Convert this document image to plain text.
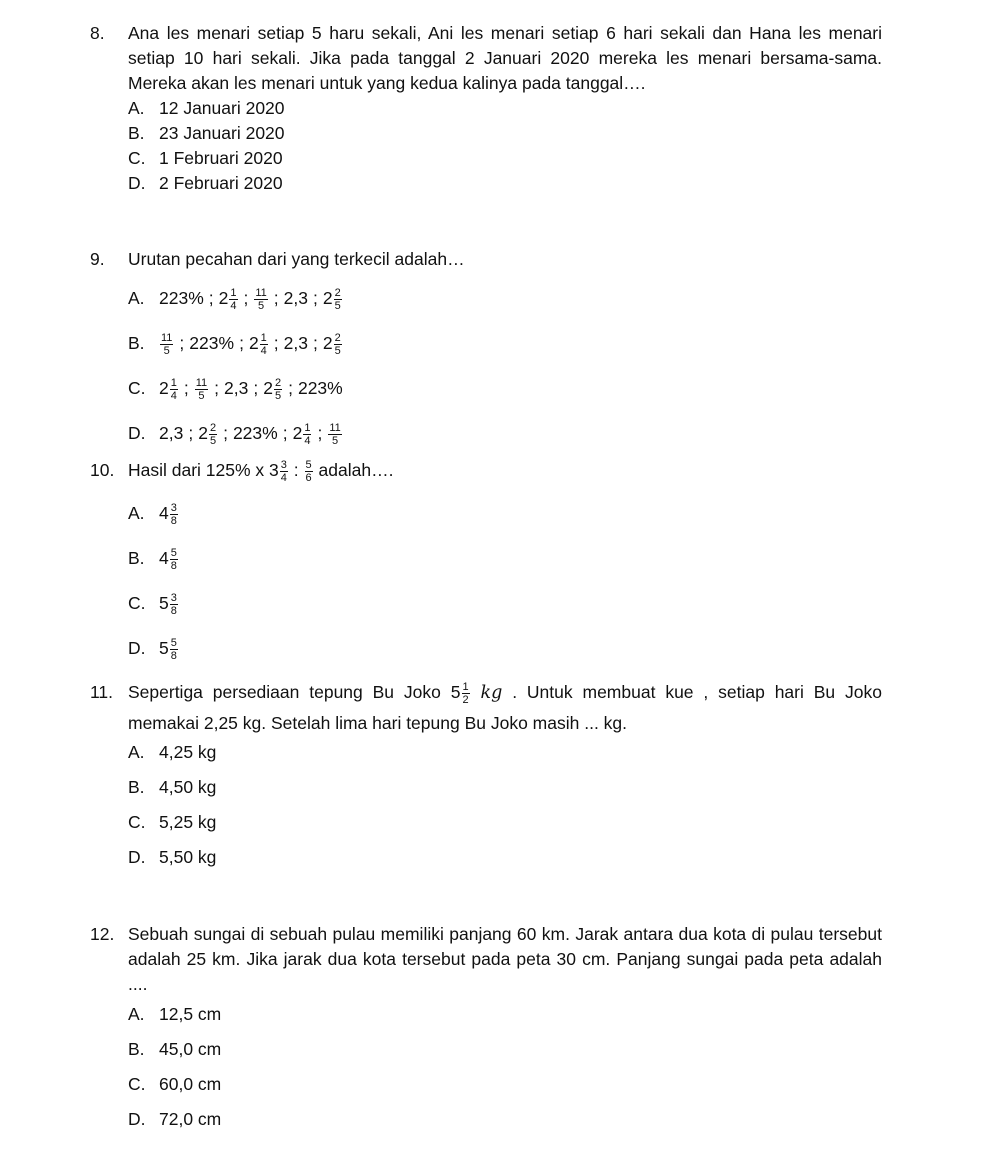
8. Ana les menari setiap 5 haru sekali, Ani les menari setiap 6 hari sekali dan Hana les menari setiap 10 hari sekali. Jika pada tanggal 2 Januari 2020 mereka les menari bersama-sama. Mereka akan les menari untuk yang kedua kalinya pada tanggal….
A. 12 Januari 2020
B. 23 Januari 2020
C. 1 Februari 2020
D. 2 Februari 2020
9. Urutan pecahan dari yang terkecil adalah…
A. 223% ; $2 \frac{1}{4}$ ; $\frac{11}{5}$ ; 2,3 ; $2 \frac{2}{5}$
B. $\frac{11}{5}$ ; 223% ; $2 \frac{1}{4}$ ; 2,3 ; $2 \frac{2}{5}$
C. $2 \frac{1}{4}$ ; $\frac{11}{5}$ ; 2,3 ; $2 \frac{2}{5}$ ; 223%
D. 2,3 ; $2 \frac{2}{5}$ ; 223% ; $2 \frac{1}{4}$ ; $\frac{11}{5}$
10. Hasil dari 125% x $3 \frac{3}{4}$ : $\frac{5}{6}$ adalah….
A. $4 \frac{3}{8}$
B. $4 \frac{5}{8}$
C. $5 \frac{3}{8}$
D. $5 \frac{5}{8}$
11. Sepertiga persediaan tepung Bu Joko $5 \frac{1}{2}$ kg . Untuk membuat kue , setiap hari Bu Joko memakai 2,25 kg. Setelah lima hari tepung Bu Joko masih ... kg.
A. 4,25 kg
B. 4,50 kg
C. 5,25 kg
D. 5,50 kg
12. Sebuah sungai di sebuah pulau memiliki panjang 60 km. Jarak antara dua kota di pulau tersebut adalah 25 km. Jika jarak dua kota tersebut pada peta 30 cm. Panjang sungai pada peta adalah ....
A. 12,5 cm
B. 45,0 cm
C. 60,0 cm
D. 72,0 cm
